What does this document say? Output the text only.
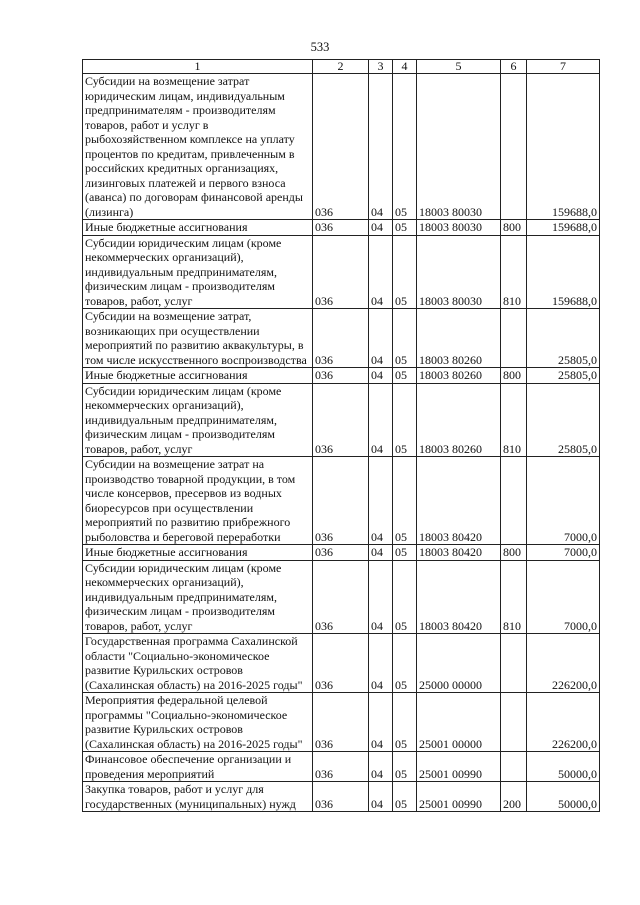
533
1	2	3	4	5	6	7
Субсидии на возмещение затрат юридическим лицам, индивидуальным предпринимателям - производителям товаров, работ и услуг в рыбохозяйственном комплексе на уплату процентов по кредитам, привлеченным в российских кредитных организациях, лизинговых платежей и первого взноса (аванса) по договорам финансовой аренды (лизинга)	036	04	05	18003 80030		159688,0
Иные бюджетные ассигнования	036	04	05	18003 80030	800	159688,0
Субсидии юридическим лицам (кроме некоммерческих организаций), индивидуальным предпринимателям, физическим лицам - производителям товаров, работ, услуг	036	04	05	18003 80030	810	159688,0
Субсидии на возмещение затрат, возникающих при осуществлении мероприятий по развитию аквакультуры, в том числе искусственного воспроизводства	036	04	05	18003 80260		25805,0
Иные бюджетные ассигнования	036	04	05	18003 80260	800	25805,0
Субсидии юридическим лицам (кроме некоммерческих организаций), индивидуальным предпринимателям, физическим лицам - производителям товаров, работ, услуг	036	04	05	18003 80260	810	25805,0
Субсидии на возмещение затрат на производство товарной продукции, в том числе консервов, пресервов из водных биоресурсов при осуществлении мероприятий по развитию прибрежного рыболовства и береговой переработки	036	04	05	18003 80420		7000,0
Иные бюджетные ассигнования	036	04	05	18003 80420	800	7000,0
Субсидии юридическим лицам (кроме некоммерческих организаций), индивидуальным предпринимателям, физическим лицам - производителям товаров, работ, услуг	036	04	05	18003 80420	810	7000,0
Государственная программа Сахалинской области "Социально-экономическое развитие Курильских островов (Сахалинская область) на 2016-2025 годы"	036	04	05	25000 00000		226200,0
Мероприятия федеральной целевой программы "Социально-экономическое развитие Курильских островов (Сахалинская область) на 2016-2025 годы"	036	04	05	25001 00000		226200,0
Финансовое обеспечение организации и проведения мероприятий	036	04	05	25001 00990		50000,0
Закупка товаров, работ и услуг для государственных (муниципальных) нужд	036	04	05	25001 00990	200	50000,0
